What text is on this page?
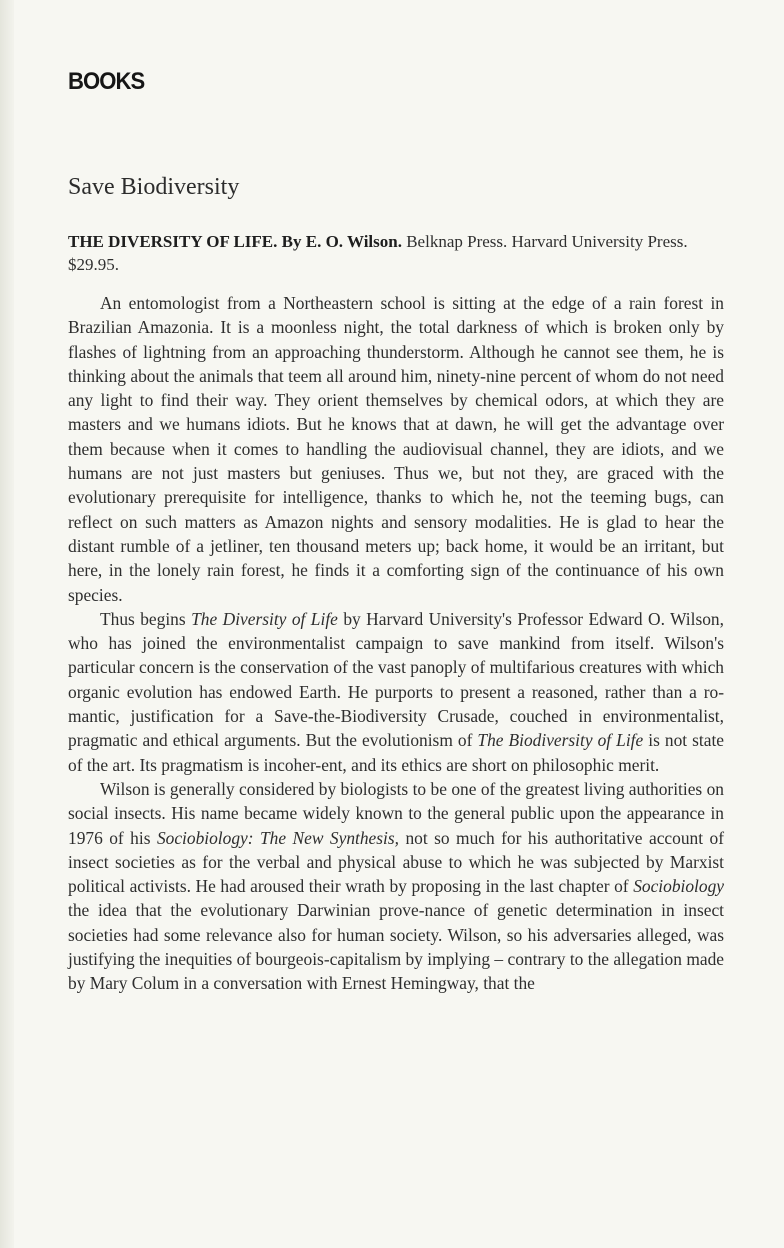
BOOKS
Save Biodiversity
THE DIVERSITY OF LIFE. By E. O. Wilson. Belknap Press. Harvard University Press. $29.95.

An entomologist from a Northeastern school is sitting at the edge of a rain forest in Brazilian Amazonia. It is a moonless night, the total darkness of which is broken only by flashes of lightning from an approaching thunderstorm. Although he cannot see them, he is thinking about the animals that teem all around him, ninety-nine percent of whom do not need any light to find their way. They orient themselves by chemical odors, at which they are masters and we humans idiots. But he knows that at dawn, he will get the advantage over them because when it comes to handling the audiovisual channel, they are idiots, and we humans are not just masters but geniuses. Thus we, but not they, are graced with the evolutionary prerequisite for intelligence, thanks to which he, not the teeming bugs, can reflect on such matters as Amazon nights and sensory modalities. He is glad to hear the distant rumble of a jetliner, ten thousand meters up; back home, it would be an irritant, but here, in the lonely rain forest, he finds it a comforting sign of the continuance of his own species.

Thus begins The Diversity of Life by Harvard University's Professor Edward O. Wilson, who has joined the environmentalist campaign to save mankind from itself. Wilson's particular concern is the conservation of the vast panoply of multifarious creatures with which organic evolution has endowed Earth. He purports to present a reasoned, rather than a ro-mantic, justification for a Save-the-Biodiversity Crusade, couched in environmentalist, pragmatic and ethical arguments. But the evolutionism of The Biodiversity of Life is not state of the art. Its pragmatism is incoher-ent, and its ethics are short on philosophic merit.

Wilson is generally considered by biologists to be one of the greatest living authorities on social insects. His name became widely known to the general public upon the appearance in 1976 of his Sociobiology: The New Synthesis, not so much for his authoritative account of insect societies as for the verbal and physical abuse to which he was subjected by Marxist political activists. He had aroused their wrath by proposing in the last chapter of Sociobiology the idea that the evolutionary Darwinian prove-nance of genetic determination in insect societies had some relevance also for human society. Wilson, so his adversaries alleged, was justifying the inequities of bourgeois-capitalism by implying – contrary to the allegation made by Mary Colum in a conversation with Ernest Hemingway, that the
